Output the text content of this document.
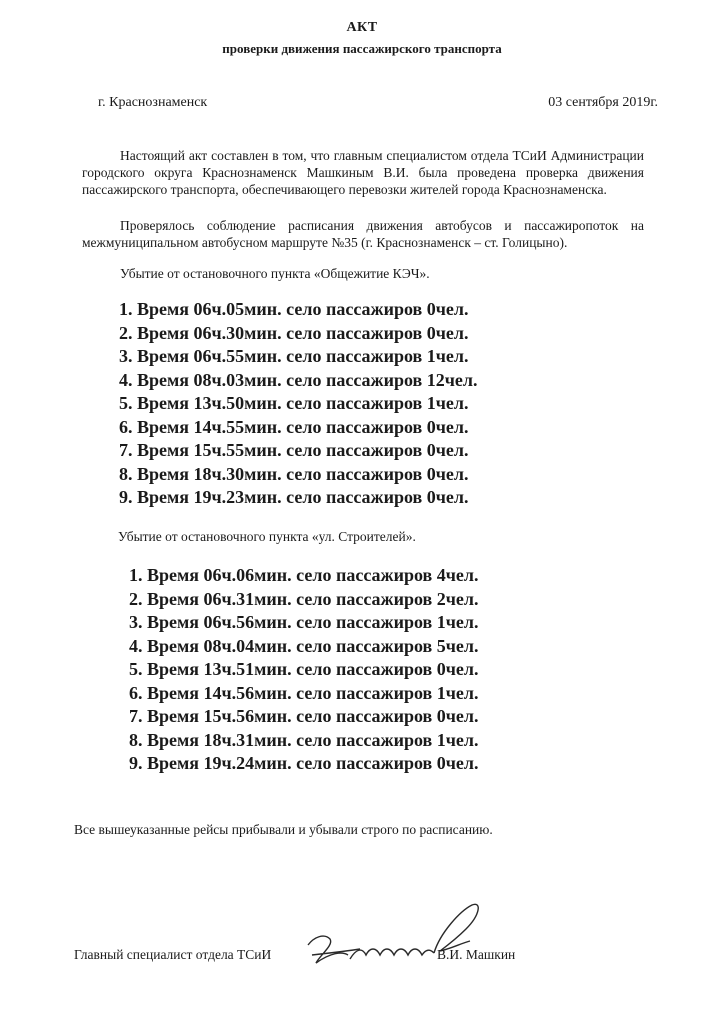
АКТ
проверки движения пассажирского транспорта
г. Краснознаменск	03 сентября 2019г.
Настоящий акт составлен в том, что главным специалистом отдела ТСиИ Администрации городского округа Краснознаменск Машкиным В.И. была проведена проверка движения пассажирского транспорта, обеспечивающего перевозки жителей города Краснознаменска.
Проверялось соблюдение расписания движения автобусов и пассажиропоток на межмуниципальном автобусном маршруте №35 (г. Краснознаменск – ст. Голицыно).
Убытие от остановочного пункта «Общежитие КЭЧ».
1. Время 06ч.05мин. село пассажиров 0чел.
2. Время 06ч.30мин. село пассажиров 0чел.
3. Время 06ч.55мин. село пассажиров 1чел.
4. Время 08ч.03мин. село пассажиров 12чел.
5. Время 13ч.50мин. село пассажиров 1чел.
6. Время 14ч.55мин. село пассажиров 0чел.
7. Время 15ч.55мин. село пассажиров 0чел.
8. Время 18ч.30мин. село пассажиров 0чел.
9. Время 19ч.23мин. село пассажиров 0чел.
Убытие от остановочного пункта «ул. Строителей».
1. Время 06ч.06мин. село пассажиров 4чел.
2. Время 06ч.31мин. село пассажиров 2чел.
3. Время 06ч.56мин. село пассажиров 1чел.
4. Время 08ч.04мин. село пассажиров 5чел.
5. Время 13ч.51мин. село пассажиров 0чел.
6. Время 14ч.56мин. село пассажиров 1чел.
7. Время 15ч.56мин. село пассажиров 0чел.
8. Время 18ч.31мин. село пассажиров 1чел.
9. Время 19ч.24мин. село пассажиров 0чел.
Все вышеуказанные рейсы прибывали и убывали строго по расписанию.
Главный специалист отдела ТСиИ	В.И. Машкин
